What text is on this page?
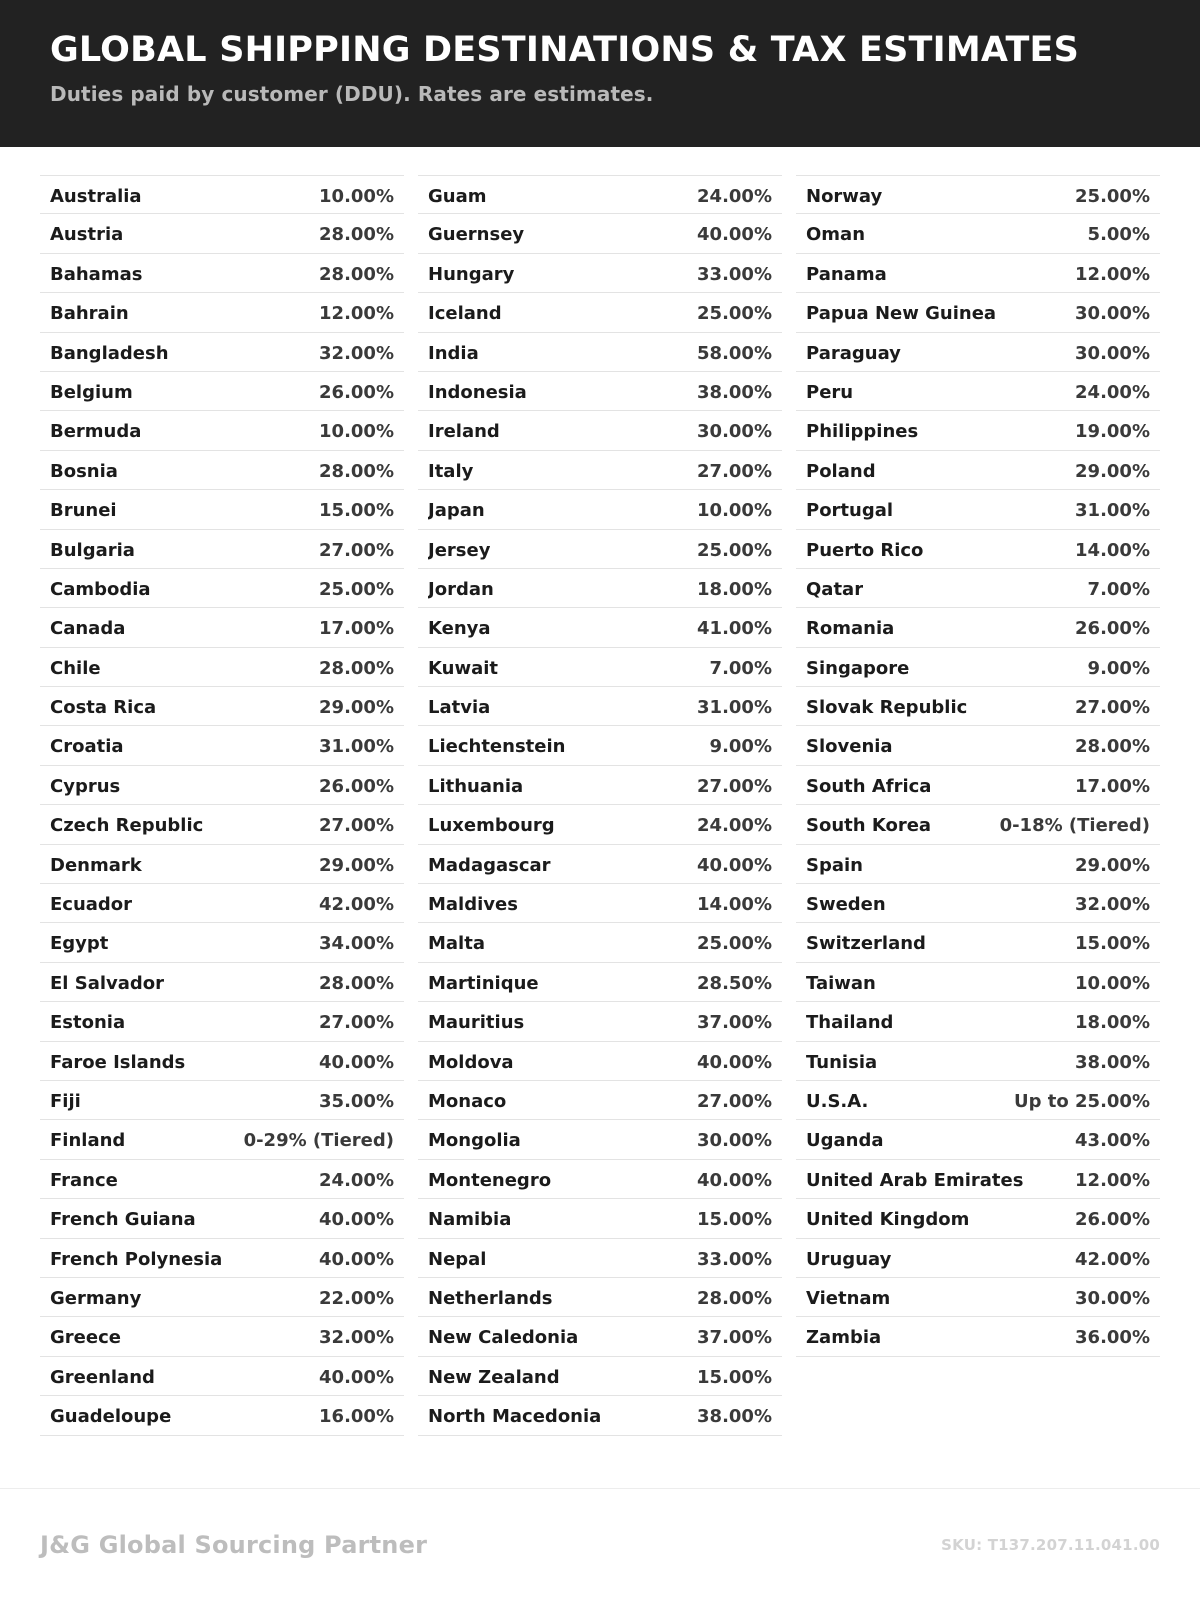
GLOBAL SHIPPING DESTINATIONS & TAX ESTIMATES

Duties paid by customer (DDU). Rates are estimates.

Australia	10.00%
Austria	28.00%
Bahamas	28.00%
Bahrain	12.00%
Bangladesh	32.00%
Belgium	26.00%
Bermuda	10.00%
Bosnia	28.00%
Brunei	15.00%
Bulgaria	27.00%
Cambodia	25.00%
Canada	17.00%
Chile	28.00%
Costa Rica	29.00%
Croatia	31.00%
Cyprus	26.00%
Czech Republic	27.00%
Denmark	29.00%
Ecuador	42.00%
Egypt	34.00%
El Salvador	28.00%
Estonia	27.00%
Faroe Islands	40.00%
Fiji	35.00%
Finland	0-29% (Tiered)
France	24.00%
French Guiana	40.00%
French Polynesia	40.00%
Germany	22.00%
Greece	32.00%
Greenland	40.00%
Guadeloupe	16.00%
Guam	24.00%
Guernsey	40.00%
Hungary	33.00%
Iceland	25.00%
India	58.00%
Indonesia	38.00%
Ireland	30.00%
Italy	27.00%
Japan	10.00%
Jersey	25.00%
Jordan	18.00%
Kenya	41.00%
Kuwait	7.00%
Latvia	31.00%
Liechtenstein	9.00%
Lithuania	27.00%
Luxembourg	24.00%
Madagascar	40.00%
Maldives	14.00%
Malta	25.00%
Martinique	28.50%
Mauritius	37.00%
Moldova	40.00%
Monaco	27.00%
Mongolia	30.00%
Montenegro	40.00%
Namibia	15.00%
Nepal	33.00%
Netherlands	28.00%
New Caledonia	37.00%
New Zealand	15.00%
North Macedonia	38.00%
Norway	25.00%
Oman	5.00%
Panama	12.00%
Papua New Guinea	30.00%
Paraguay	30.00%
Peru	24.00%
Philippines	19.00%
Poland	29.00%
Portugal	31.00%
Puerto Rico	14.00%
Qatar	7.00%
Romania	26.00%
Singapore	9.00%
Slovak Republic	27.00%
Slovenia	28.00%
South Africa	17.00%
South Korea	0-18% (Tiered)
Spain	29.00%
Sweden	32.00%
Switzerland	15.00%
Taiwan	10.00%
Thailand	18.00%
Tunisia	38.00%
U.S.A.	Up to 25.00%
Uganda	43.00%
United Arab Emirates	12.00%
United Kingdom	26.00%
Uruguay	42.00%
Vietnam	30.00%
Zambia	36.00%
J&G Global Sourcing Partner	SKU: T137.207.11.041.00
